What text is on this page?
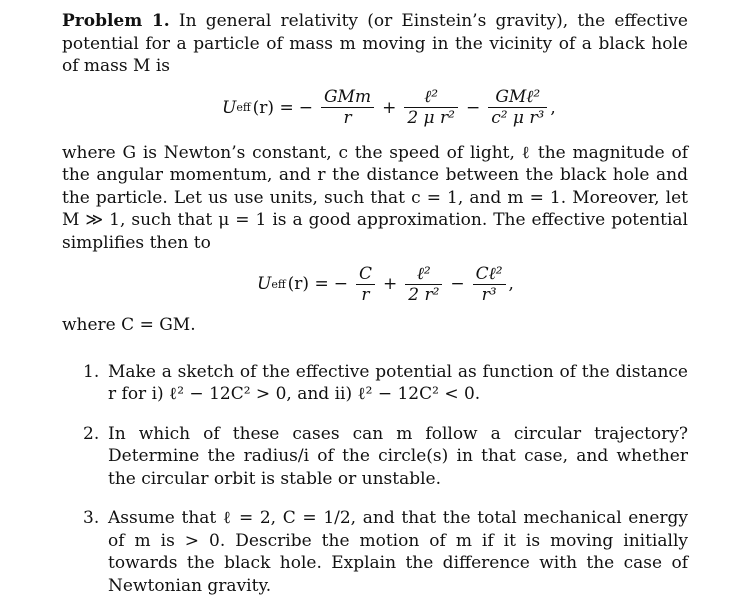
Problem 1. In general relativity (or Einstein’s gravity), the effective potential for a particle of mass m moving in the vicinity of a black hole of mass M is

U eff (r) = − $\frac{\text{GMm}}{r} + \frac{\text{ℓ²}}{\text{2 μ r²}} - \frac{\text{GMℓ²}}{\text{c² μ r³}}$ ,

where G is Newton’s constant, c the speed of light, ℓ the magnitude of the angular momentum, and r the distance between the black hole and the particle. Let us use units, such that c = 1, and m = 1. Moreover, let M ≫ 1, such that μ = 1 is a good approximation. The effective potential simplifies then to

U eff (r) = − $\frac{C}{r} + \frac{\text{ℓ²}}{\text{2 r²}} - \frac{\text{Cℓ²}}{\text{r³}}$ ,

where C = GM.

1. Make a sketch of the effective potential as function of the distance r for i) ℓ² − 12C² > 0, and ii) ℓ² − 12C² < 0.
2. In which of these cases can m follow a circular trajectory? Determine the radius/i of the circle(s) in that case, and whether the circular orbit is stable or unstable.
3. Assume that ℓ = 2, C = 1/2, and that the total mechanical energy of m is > 0. Describe the motion of m if it is moving initially towards the black hole. Explain the difference with the case of Newtonian gravity.
